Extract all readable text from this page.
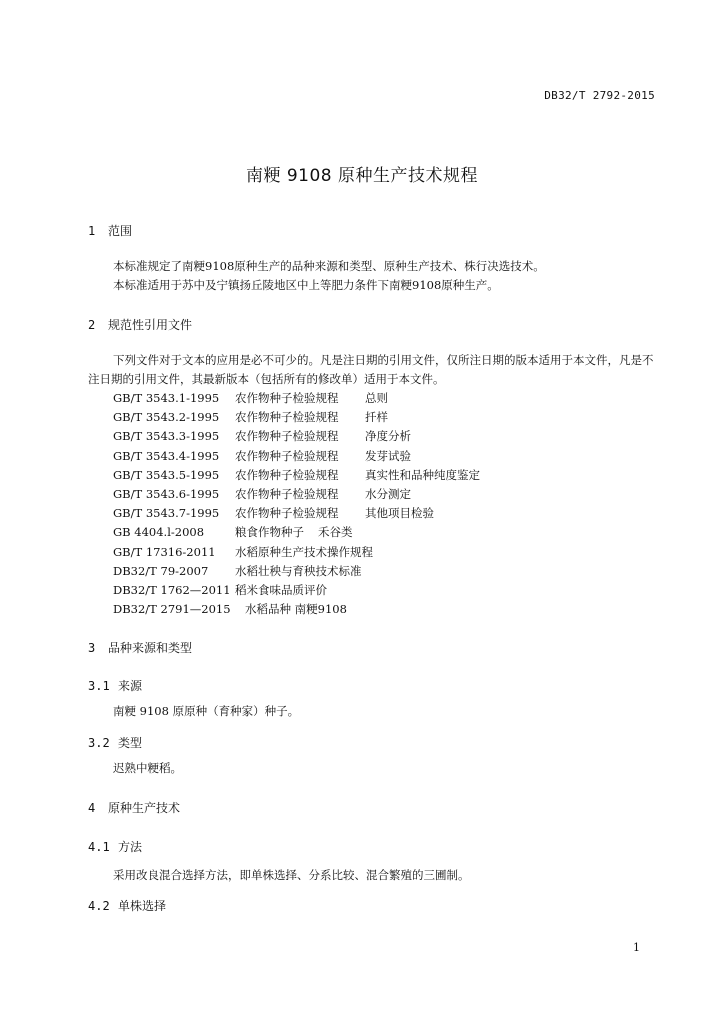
DB32/T 2792-2015
南粳 9108 原种生产技术规程
1 范围
本标准规定了南粳9108原种生产的品种来源和类型、原种生产技术、株行决选技术。
本标准适用于苏中及宁镇扬丘陵地区中上等肥力条件下南粳9108原种生产。
2 规范性引用文件
下列文件对于文本的应用是必不可少的。凡是注日期的引用文件，仅所注日期的版本适用于本文件，凡是不注日期的引用文件，其最新版本（包括所有的修改单）适用于本文件。
GB/T 3543.1-1995 农作物种子检验规程 总则
GB/T 3543.2-1995 农作物种子检验规程 扦样
GB/T 3543.3-1995 农作物种子检验规程 净度分析
GB/T 3543.4-1995 农作物种子检验规程 发芽试验
GB/T 3543.5-1995 农作物种子检验规程 真实性和品种纯度鉴定
GB/T 3543.6-1995 农作物种子检验规程 水分测定
GB/T 3543.7-1995 农作物种子检验规程 其他项目检验
GB 4404.l-2008	粮食作物种子 禾谷类
GB/T 17316-2011 水稻原种生产技术操作规程
DB32/T 79-2007 水稻壮秧与育秧技术标准
DB32/T 1762—2011 稻米食味品质评价
DB32/T 2791—2015 水稻品种 南粳9108
3 品种来源和类型
3.1 来源
南粳 9108 原原种（育种家）种子。
3.2 类型
迟熟中粳稻。
4 原种生产技术
4.1 方法
采用改良混合选择方法，即单株选择、分系比较、混合繁殖的三圃制。
4.2 单株选择
1
